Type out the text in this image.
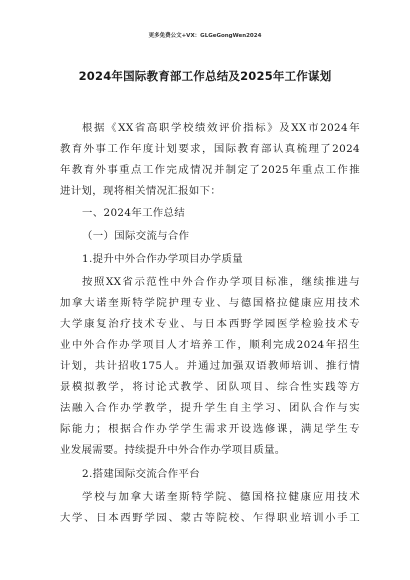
更多免费公文+VX：GLGeGongWen2024
2024年国际教育部工作总结及2025年工作谋划
根据《XX省高职学校绩效评价指标》及XX市2024年
教育外事工作年度计划要求，国际教育部认真梳理了2024
年教育外事重点工作完成情况并制定了2025年重点工作推
进计划，现将相关情况汇报如下：
一、2024年工作总结
（一）国际交流与合作
1.提升中外合作办学项目办学质量
按照XX省示范性中外合作办学项目标准，继续推进与
加拿大诺奎斯特学院护理专业、与德国格拉健康应用技术
大学康复治疗技术专业、与日本西野学园医学检验技术专
业中外合作办学项目人才培养工作，顺利完成2024年招生
计划，共计招收175人。并通过加强双语教师培训、推行情
景模拟教学，将讨论式教学、团队项目、综合性实践等方
法融入合作办学教学，提升学生自主学习、团队合作与实
际能力；根据合作办学学生需求开设选修课，满足学生专
业发展需要。持续提升中外合作办学项目质量。
2.搭建国际交流合作平台
学校与加拿大诺奎斯特学院、德国格拉健康应用技术
大学、日本西野学园、蒙古等院校、乍得职业培训小手工
